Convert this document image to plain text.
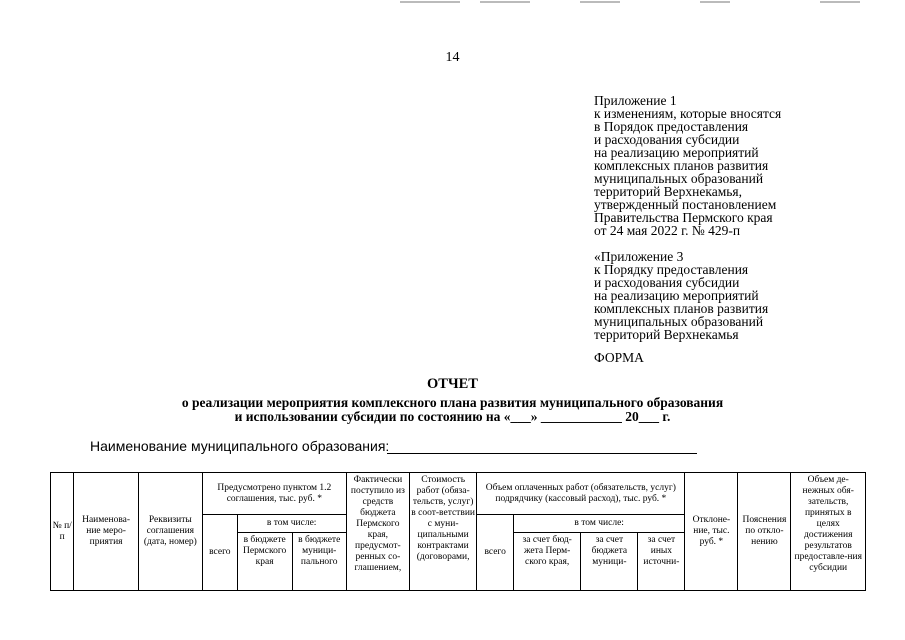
14
Приложение 1
к изменениям, которые вносятся
в Порядок предоставления
и расходования субсидии
на реализацию мероприятий
комплексных планов развития
муниципальных образований
территорий Верхнекамья,
утвержденный постановлением
Правительства Пермского края
от 24 мая 2022 г. № 429-п
«Приложение 3
к Порядку предоставления
и расходования субсидии
на реализацию мероприятий
комплексных планов развития
муниципальных образований
территорий Верхнекамья
ФОРМА
ОТЧЕТ
о реализации мероприятия комплексного плана развития муниципального образования
и использовании субсидии по состоянию на «___» ____________ 20___ г.
Наименование муниципального образования:
№ п/п	Наименова-ние меро-приятия	Реквизиты соглашения (дата, номер)	Предусмотрено пунктом 1.2 соглашения, тыс. руб. *			Фактически поступило из средств бюджета Пермского края, предусмот-ренных со-глашением,	Стоимость работ (обяза-тельств, услуг) в соот-ветствии с муни-ципальными контрактами (договорами,	Объем оплаченных работ (обязательств, услуг) подрядчику (кассовый расход), тыс. руб. *				Отклоне-ние, тыс. руб. *	Пояснения по откло-нению	Объем де-нежных обя-зательств, принятых в целях достижения результатов предоставле-ния субсидии
			всего	в том числе:				всего	в том числе:					
				в бюджете Пермского края	в бюджете муници-пального				за счет бюд-жета Перм-ского края,	за счет бюджета муници-	за счет иных источни-			
